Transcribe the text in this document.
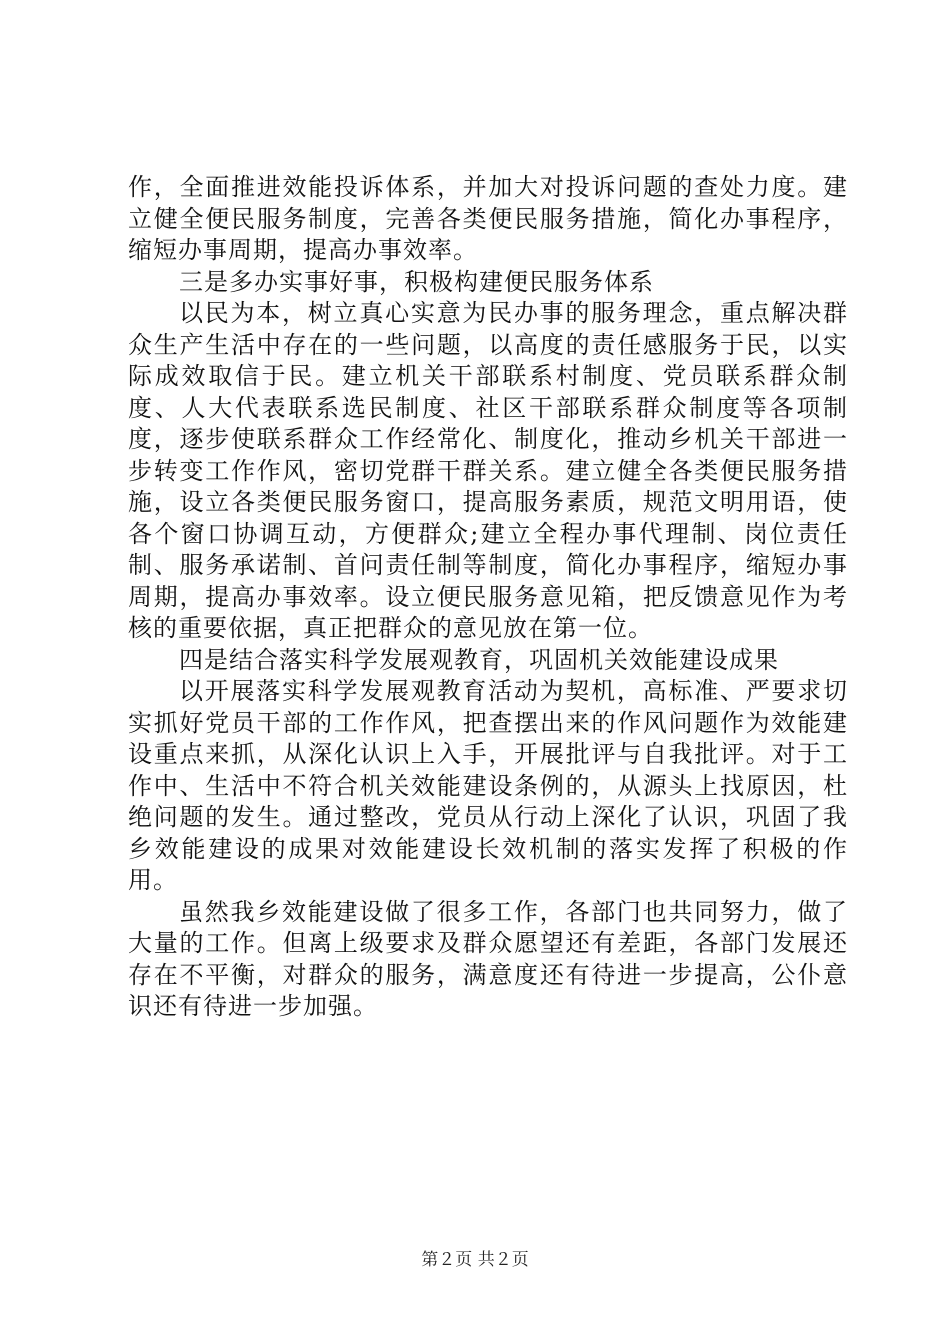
作，全面推进效能投诉体系，并加大对投诉问题的查处力度。建立健全便民服务制度，完善各类便民服务措施，简化办事程序，缩短办事周期，提高办事效率。

三是多办实事好事，积极构建便民服务体系

以民为本，树立真心实意为民办事的服务理念，重点解决群众生产生活中存在的一些问题，以高度的责任感服务于民，以实际成效取信于民。建立机关干部联系村制度、党员联系群众制度、人大代表联系选民制度、社区干部联系群众制度等各项制度，逐步使联系群众工作经常化、制度化，推动乡机关干部进一步转变工作作风，密切党群干群关系。建立健全各类便民服务措施，设立各类便民服务窗口，提高服务素质，规范文明用语，使各个窗口协调互动，方便群众;建立全程办事代理制、岗位责任制、服务承诺制、首问责任制等制度，简化办事程序，缩短办事周期，提高办事效率。设立便民服务意见箱，把反馈意见作为考核的重要依据，真正把群众的意见放在第一位。

四是结合落实科学发展观教育，巩固机关效能建设成果

以开展落实科学发展观教育活动为契机，高标准、严要求切实抓好党员干部的工作作风，把查摆出来的作风问题作为效能建设重点来抓，从深化认识上入手，开展批评与自我批评。对于工作中、生活中不符合机关效能建设条例的，从源头上找原因，杜绝问题的发生。通过整改，党员从行动上深化了认识，巩固了我乡效能建设的成果对效能建设长效机制的落实发挥了积极的作用。

虽然我乡效能建设做了很多工作，各部门也共同努力，做了大量的工作。但离上级要求及群众愿望还有差距，各部门发展还存在不平衡，对群众的服务，满意度还有待进一步提高，公仆意识还有待进一步加强。

第２页 共２页
